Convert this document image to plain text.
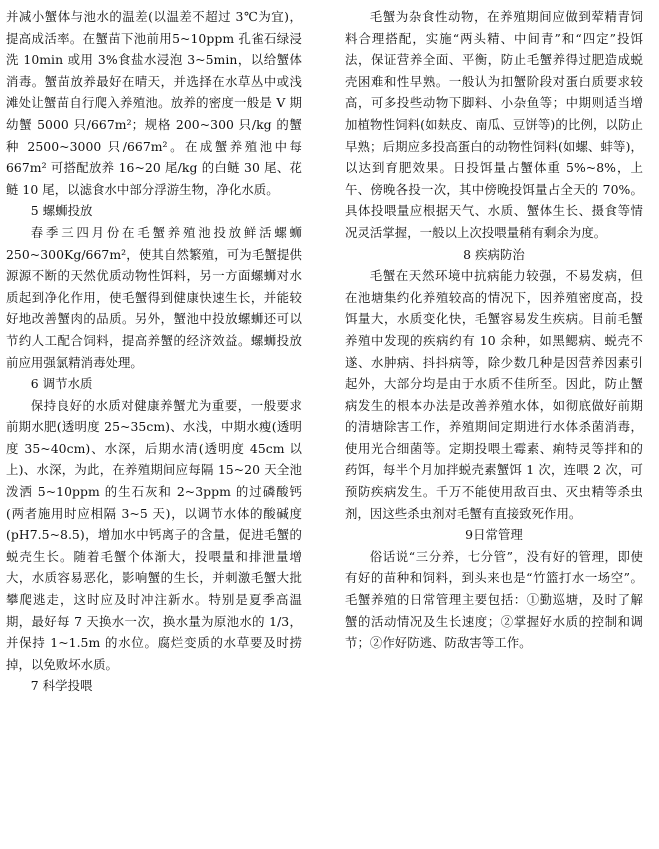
并减小蟹体与池水的温差(以温差不超过 3℃为宜)，提高成活率。在蟹苗下池前用5~10ppm 孔雀石绿浸洗 10min 或用 3%食盐水浸泡 3~5min，以给蟹体消毒。蟹苗放养最好在晴天，并选择在水草丛中或浅滩处让蟹苗自行爬入养殖池。放养的密度一般是 V 期幼蟹 5000 只/667m²；规格 200~300 只/kg 的蟹种 2500~3000 只/667m²。在成蟹养殖池中每 667m² 可搭配放养 16~20 尾/kg 的白鲢 30 尾、花鲢 10 尾，以滤食水中部分浮游生物，净化水质。

5 螺蛳投放

春季三四月份在毛蟹养殖池投放鲜活螺蛳 250~300Kg/667m²，使其自然繁殖，可为毛蟹提供源源不断的天然优质动物性饵料，另一方面螺蛳对水质起到净化作用，使毛蟹得到健康快速生长，并能较好地改善蟹肉的品质。另外，蟹池中投放螺蛳还可以节约人工配合饲料，提高养蟹的经济效益。螺蛳投放前应用强氯精消毒处理。

6 调节水质

保持良好的水质对健康养蟹尤为重要，一般要求前期水肥(透明度 25~35cm)、水浅，中期水瘦(透明度 35~40cm)、水深，后期水清(透明度 45cm 以上)、水深，为此，在养殖期间应每隔 15~20 天全池泼洒 5~10ppm 的生石灰和 2~3ppm 的过磷酸钙(两者施用时应相隔 3~5 天)，以调节水体的酸碱度(pH7.5~8.5)，增加水中钙离子的含量，促进毛蟹的蜕壳生长。随着毛蟹个体渐大，投喂量和排泄量增大，水质容易恶化，影响蟹的生长，并刺激毛蟹大批攀爬逃走，这时应及时冲注新水。特别是夏季高温期，最好每 7 天换水一次，换水量为原池水的 1/3，并保持 1~1.5m 的水位。腐烂变质的水草要及时捞掉，以免败坏水质。

7 科学投喂

毛蟹为杂食性动物，在养殖期间应做到荤精青饲料合理搭配，实施“两头精、中间青”和“四定”投饵法，保证营养全面、平衡，防止毛蟹养得过肥造成蜕壳困难和性早熟。一般认为扣蟹阶段对蛋白质要求较高，可多投些动物下脚料、小杂鱼等；中期则适当增加植物性饲料(如麸皮、南瓜、豆饼等)的比例，以防止早熟；后期应多投高蛋白的动物性饲料(如螺、蚌等)，以达到育肥效果。日投饵量占蟹体重 5%~8%，上午、傍晚各投一次，其中傍晚投饵量占全天的 70%。具体投喂量应根据天气、水质、蟹体生长、摄食等情况灵活掌握，一般以上次投喂量稍有剩余为度。

8 疾病防治

毛蟹在天然环境中抗病能力较强，不易发病，但在池塘集约化养殖较高的情况下，因养殖密度高，投饵量大，水质变化快，毛蟹容易发生疾病。目前毛蟹养殖中发现的疾病约有 10 余种，如黑鳃病、蜕壳不遂、水肿病、抖抖病等，除少数几种是因营养因素引起外，大部分均是由于水质不佳所至。因此，防止蟹病发生的根本办法是改善养殖水体，如彻底做好前期的清塘除害工作，养殖期间定期进行水体杀菌消毒，使用光合细菌等。定期投喂土霉素、痢特灵等拌和的药饵，每半个月加拌蜕壳素蟹饵 1 次，连喂 2 次，可预防疾病发生。千万不能使用敌百虫、灭虫精等杀虫剂，因这些杀虫剂对毛蟹有直接致死作用。

9日常管理

俗话说“三分养，七分管”，没有好的管理，即使有好的苗种和饲料，到头来也是“竹篮打水一场空”。毛蟹养殖的日常管理主要包括：①勤巡塘，及时了解蟹的活动情况及生长速度；②掌握好水质的控制和调节；②作好防逃、防敌害等工作。
